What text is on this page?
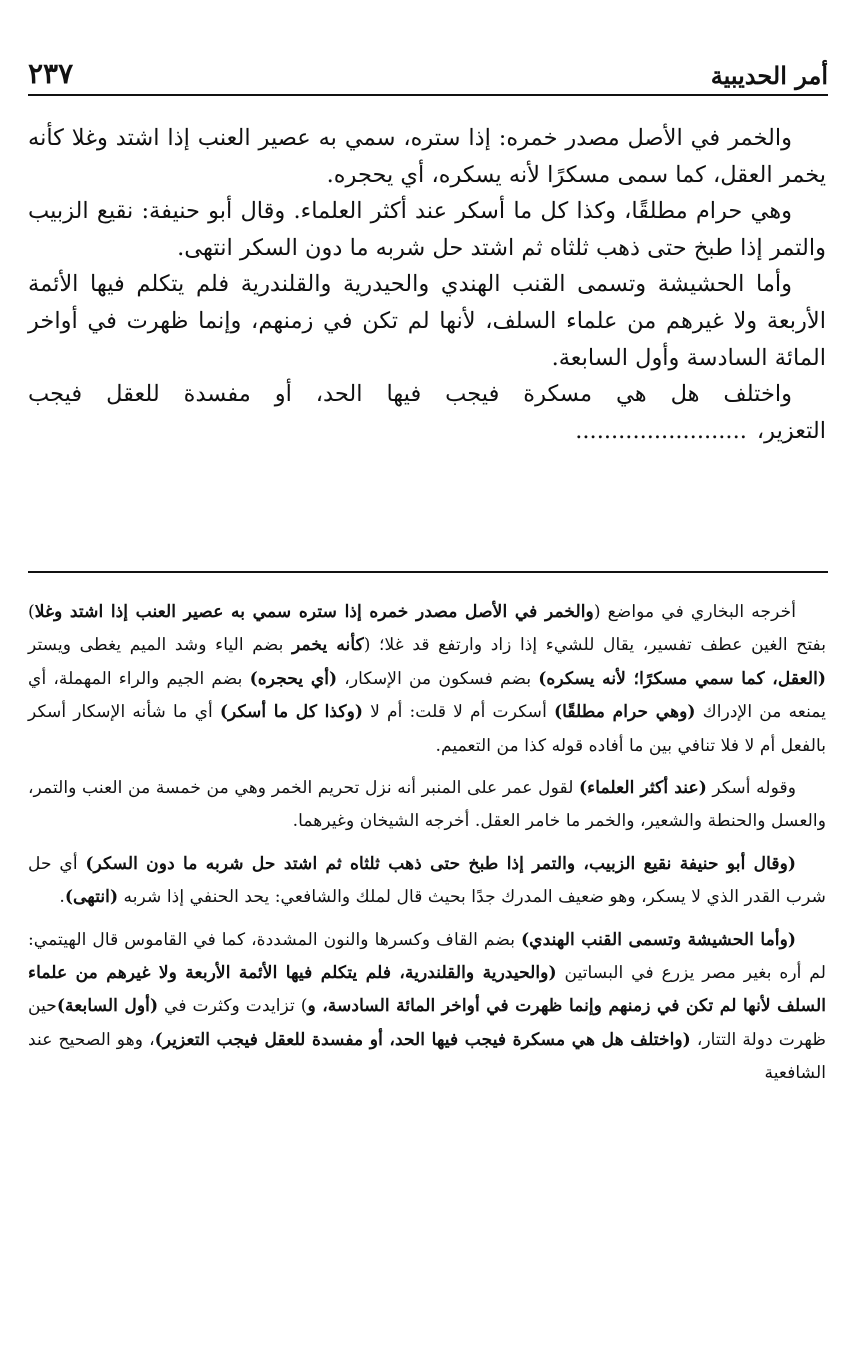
أمر الحديبية
٢٣٧

والخمر في الأصل مصدر خمره: إذا ستره، سمي به عصير العنب إذا اشتد وغلا كأنه يخمر العقل، كما سمى مسكرًا لأنه يسكره، أي يحجره.

وهي حرام مطلقًا، وكذا كل ما أسكر عند أكثر العلماء. وقال أبو حنيفة: نقيع الزبيب والتمر إذا طبخ حتى ذهب ثلثاه ثم اشتد حل شربه ما دون السكر انتهى.

وأما الحشيشة وتسمى القنب الهندي والحيدرية والقلندرية فلم يتكلم فيها الأئمة الأربعة ولا غيرهم من علماء السلف، لأنها لم تكن في زمنهم، وإنما ظهرت في أواخر المائة السادسة وأول السابعة.

واختلف هل هي مسكرة فيجب فيها الحد، أو مفسدة للعقل فيجب التعزير،........................

أخرجه البخاري في مواضع (والخمر في الأصل مصدر خمره إذا ستره سمي به عصير العنب إذا اشتد وغلا) بفتح الغين عطف تفسير، يقال للشيء إذا زاد وارتفع قد غلا؛ (كأنه يخمر بضم الياء وشد الميم يغطى ويستر (العقل، كما سمي مسكرًا؛ لأنه يسكره) بضم فسكون من الإسكار، (أي يحجره) بضم الجيم والراء المهملة، أي يمنعه من الإدراك (وهي حرام مطلقًا) أسكرت أم لا قلت: أم لا (وكذا كل ما أسكر) أي ما شأنه الإسكار أسكر بالفعل أم لا فلا تنافي بين ما أفاده قوله كذا من التعميم.

وقوله أسكر (عند أكثر العلماء) لقول عمر على المنبر أنه نزل تحريم الخمر وهي من خمسة من العنب والتمر، والعسل والحنطة والشعير، والخمر ما خامر العقل. أخرجه الشيخان وغيرهما.

(وقال أبو حنيفة نقيع الزبيب، والتمر إذا طبخ حتى ذهب ثلثاه ثم اشتد حل شربه ما دون السكر) أي حل شرب القدر الذي لا يسكر، وهو ضعيف المدرك جدًا بحيث قال لملك والشافعي: يحد الحنفي إذا شربه (انتهى).

(وأما الحشيشة وتسمى القنب الهندي) بضم القاف وكسرها والنون المشددة، كما في القاموس قال الهيتمي: لم أره بغير مصر يزرع في البساتين (والحيدرية والقلندرية، فلم يتكلم فيها الأئمة الأربعة ولا غيرهم من علماء السلف لأنها لم تكن في زمنهم وإنما ظهرت في أواخر المائة السادسة، و) تزايدت وكثرت في (أول السابعة)حين ظهرت دولة التتار، (واختلف هل هي مسكرة فيجب فيها الحد، أو مفسدة للعقل فيجب التعزير)، وهو الصحيح عند الشافعية
